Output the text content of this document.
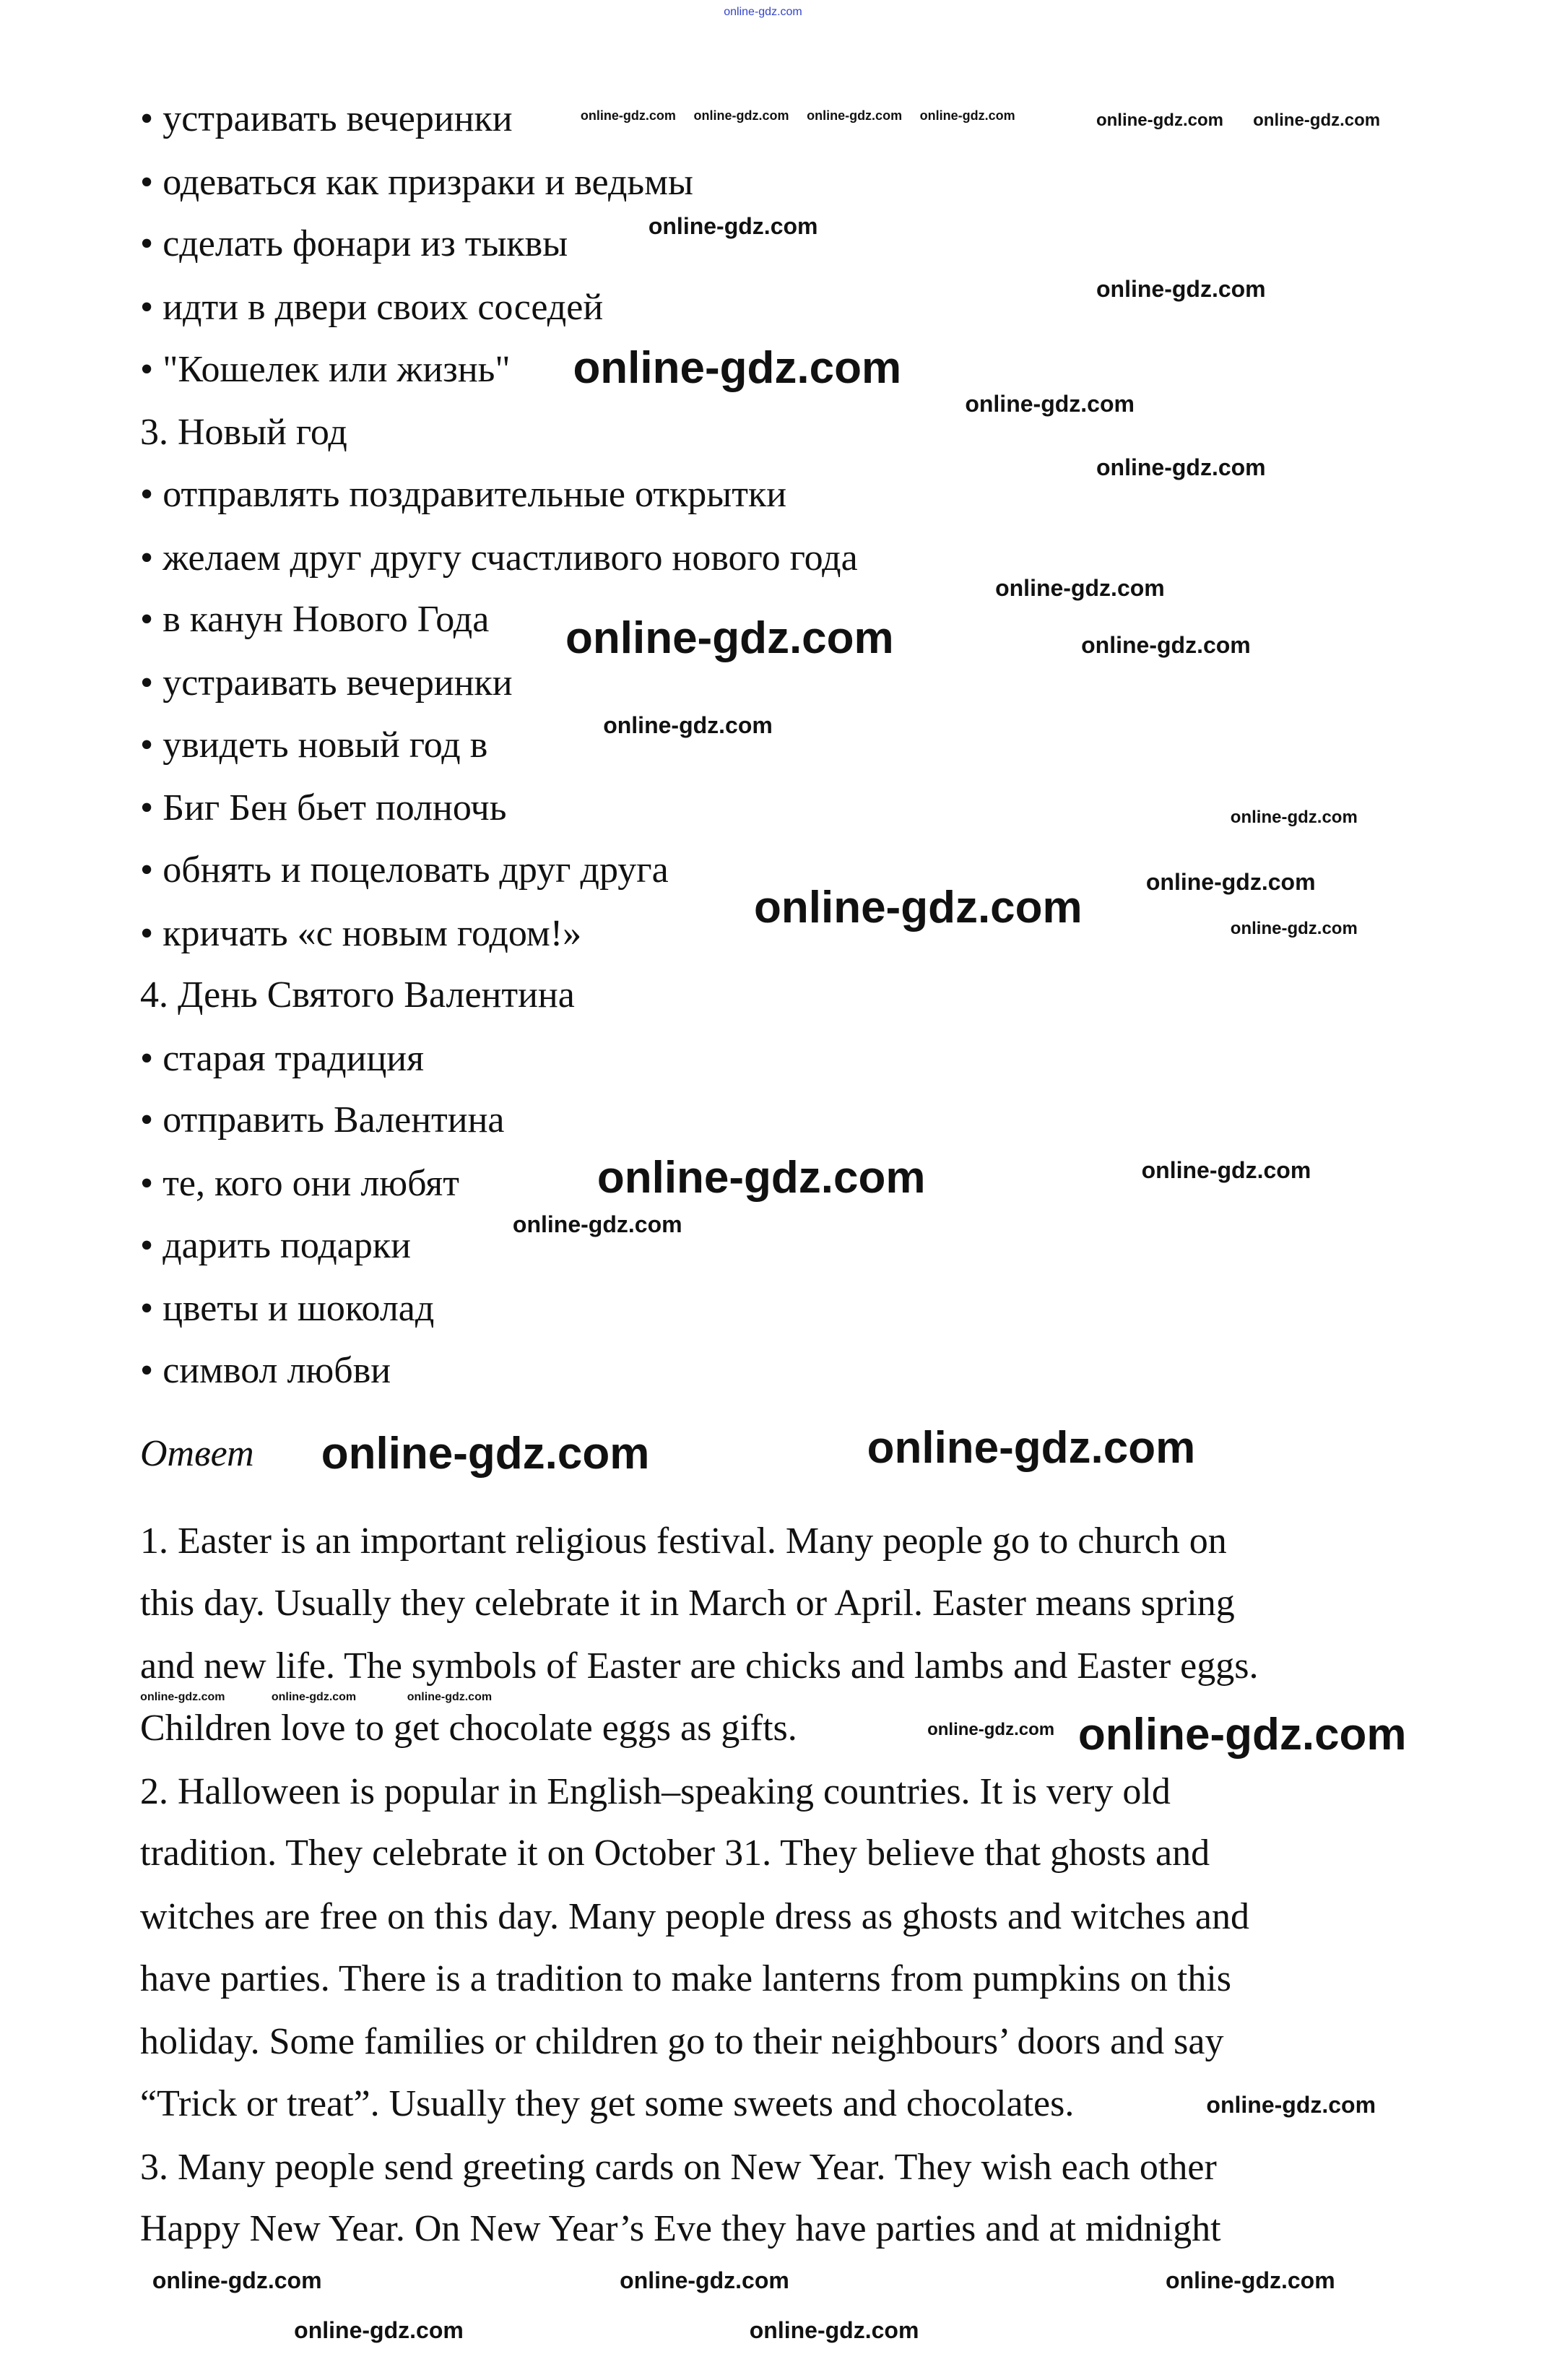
• устраивать вечеринки
• одеваться как призраки и ведьмы
• сделать фонари из тыквы
• идти в двери своих соседей
• "Кошелек или жизнь"
3. Новый год
• отправлять поздравительные открытки
• желаем друг другу счастливого нового года
• в канун Нового Года
• устраивать вечеринки
• увидеть новый год в
• Биг Бен бьет полночь
• обнять и поцеловать друг друга
• кричать «с новым годом!»
4. День Святого Валентина
• старая традиция
• отправить Валентина
• те, кого они любят
• дарить подарки
• цветы и шоколад
• символ любви
Ответ
1. Easter is an important religious festival. Many people go to church on
this day. Usually they celebrate it in March or April. Easter means spring
and new life. The symbols of Easter are chicks and lambs and Easter eggs.
Children love to get chocolate eggs as gifts.
2. Halloween is popular in English–speaking countries. It is very old
tradition. They celebrate it on October 31. They believe that ghosts and
witches are free on this day. Many people dress as ghosts and witches and
have parties. There is a tradition to make lanterns from pumpkins on this
holiday. Some families or children go to their neighbours’ doors and say
“Trick or treat”. Usually they get some sweets and chocolates.
3. Many people send greeting cards on New Year. They wish each other
Happy New Year. On New Year’s Eve they have parties and at midnight
online-gdz.com
online-gdz.com online-gdz.com online-gdz.com online-gdz.com	online-gdz.com online-gdz.com
online-gdz.com
online-gdz.com
online-gdz.com
online-gdz.com
online-gdz.com
online-gdz.com
online-gdz.com	online-gdz.com
online-gdz.com
online-gdz.com
online-gdz.com
online-gdz.com	online-gdz.com
online-gdz.com
online-gdz.com	online-gdz.com
online-gdz.com	online-gdz.com
online-gdz.com	online-gdz.com	online-gdz.com
online-gdz.com online-gdz.com
online-gdz.com	online-gdz.com	online-gdz.com
online-gdz.com	online-gdz.com
online-gdz.com
